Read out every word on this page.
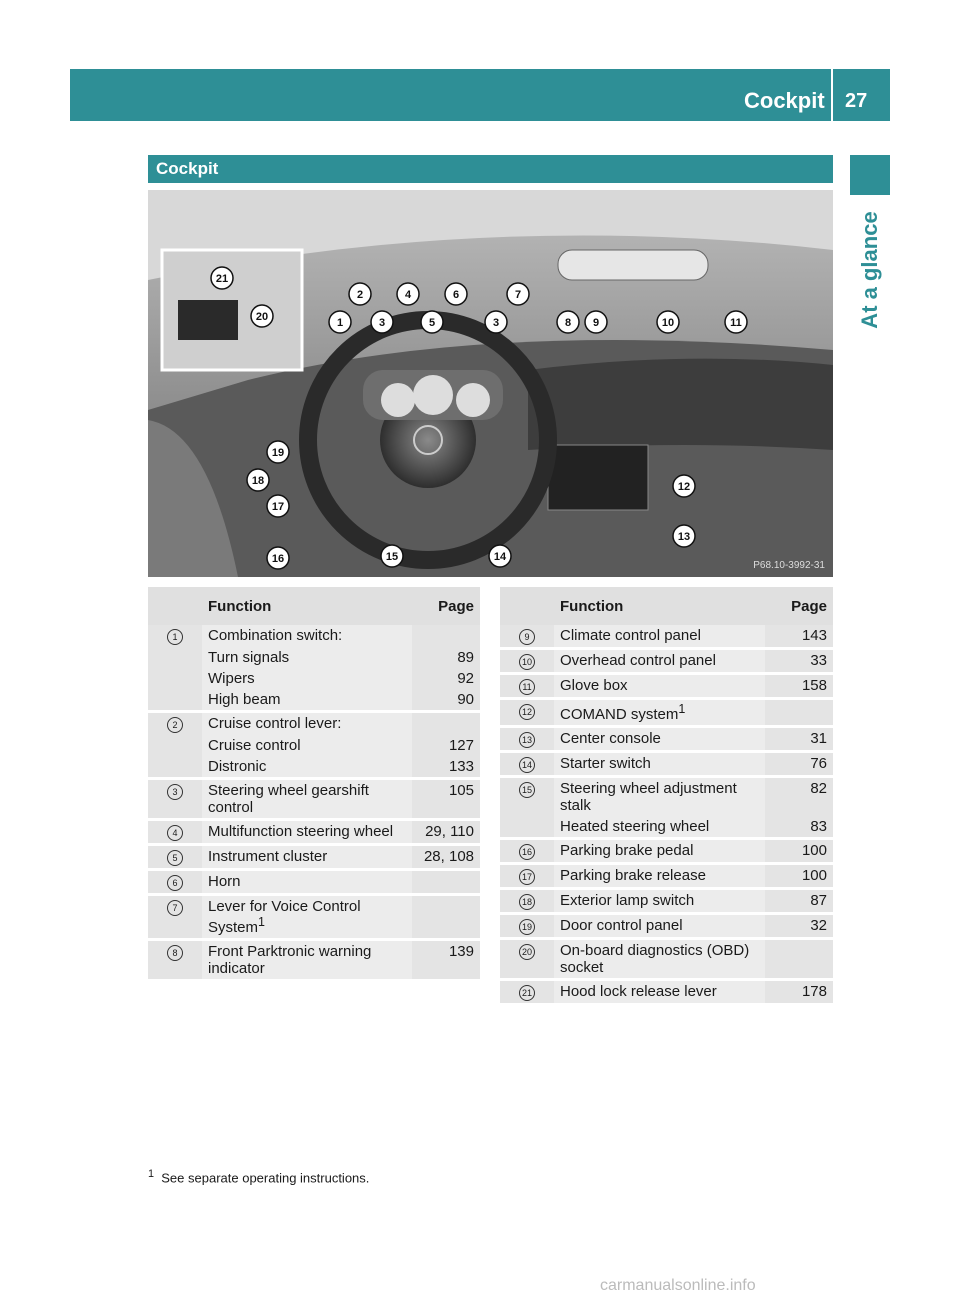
Cockpit 27
At a glance
Cockpit
1
2
3
4
5
6
3
7
8 9	10	11
12
13
14
15
16
17
18
19
20
21
P68.10-3992-31
	Function	Page
1	Combination switch:	
	Turn signals	89
	Wipers	92
	High beam	90
2	Cruise control lever:	
	Cruise control	127
	Distronic	133
3	Steering wheel gearshift control	105
4	Multifunction steering wheel	29, 110
5	Instrument cluster	28, 108
6	Horn	
7	Lever for Voice Control System$^1$	
8	Front Parktronic warning indicator	139
	Function	Page
9	Climate control panel	143
10	Overhead control panel	33
11	Glove box	158
12	COMAND system$^1$	
13	Center console	31
14	Starter switch	76
15	Steering wheel adjustment stalk	82
	Heated steering wheel	83
16	Parking brake pedal	100
17	Parking brake release	100
18	Exterior lamp switch	87
19	Door control panel	32
20	On-board diagnostics (OBD) socket	
21	Hood lock release lever	178
$^1$ See separate operating instructions.
carmanualsonline.info
